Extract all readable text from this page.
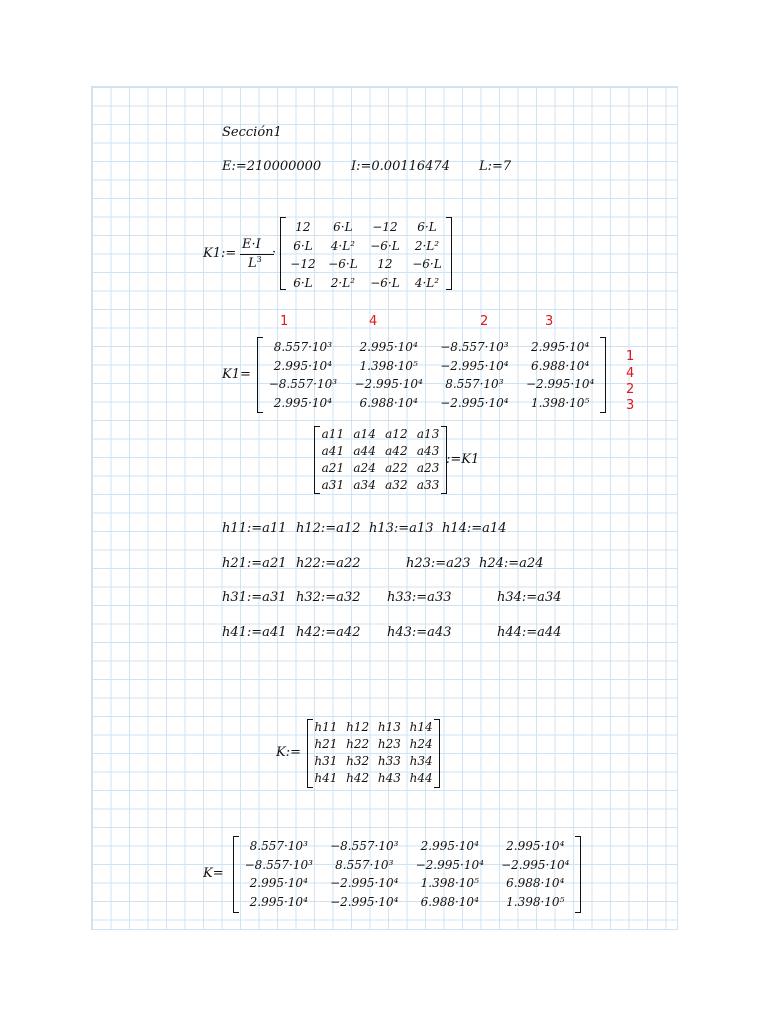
Sección1
E:=210000000 I:=0.00116474 L:=7
K1:=
E·I
$L^3$ ·
12	6·L	−12	6·L
6·L	4·L²	−6·L	2·L²
−12	−6·L	12	−6·L
6·L	2·L²	−6·L	4·L²
1	4	2	3
K1=
8.557·10³	2.995·10⁴	−8.557·10³	2.995·10⁴
2.995·10⁴	1.398·10⁵	−2.995·10⁴	6.988·10⁴
−8.557·10³	−2.995·10⁴	8.557·10³	−2.995·10⁴
2.995·10⁴	6.988·10⁴	−2.995·10⁴	1.398·10⁵
1
4
2
3
a11 a14 a12 a13
a41 a44 a42 a43
a21 a24 a22 a23
a31 a34 a32 a33
:=K1
h11:=a11 h12:=a12 h13:=a13 h14:=a14
h21:=a21 h22:=a22	h23:=a23 h24:=a24
h31:=a31 h32:=a32 h33:=a33	h34:=a34
h41:=a41 h42:=a42 h43:=a43	h44:=a44
K:=
h11 h12 h13 h14
h21 h22 h23 h24
h31 h32 h33 h34
h41 h42 h43 h44
K=
8.557·10³	−8.557·10³	2.995·10⁴	2.995·10⁴
−8.557·10³	8.557·10³	−2.995·10⁴	−2.995·10⁴
2.995·10⁴	−2.995·10⁴	1.398·10⁵	6.988·10⁴
2.995·10⁴	−2.995·10⁴	6.988·10⁴	1.398·10⁵
